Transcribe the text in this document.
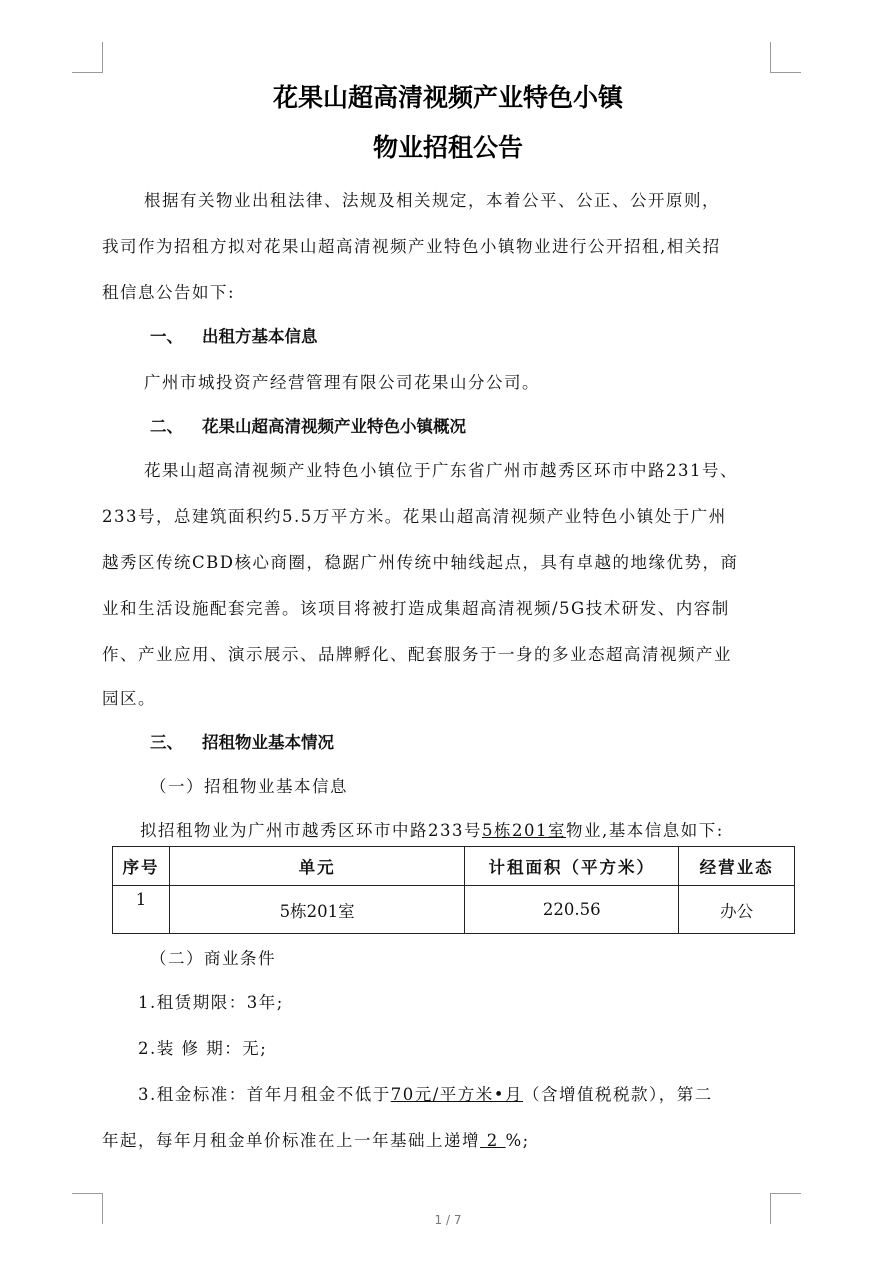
花果山超高清视频产业特色小镇
物业招租公告
根据有关物业出租法律、法规及相关规定，本着公平、公正、公开原则，
我司作为招租方拟对花果山超高清视频产业特色小镇物业进行公开招租,相关招
租信息公告如下:
一、 出租方基本信息
广州市城投资产经营管理有限公司花果山分公司。
二、 花果山超高清视频产业特色小镇概况
花果山超高清视频产业特色小镇位于广东省广州市越秀区环市中路231号、
233号，总建筑面积约5.5万平方米。花果山超高清视频产业特色小镇处于广州
越秀区传统CBD核心商圈，稳踞广州传统中轴线起点，具有卓越的地缘优势，商
业和生活设施配套完善。该项目将被打造成集超高清视频/5G技术研发、内容制
作、产业应用、演示展示、品牌孵化、配套服务于一身的多业态超高清视频产业
园区。
三、 招租物业基本情况
（一）招租物业基本信息
拟招租物业为广州市越秀区环市中路233号5栋201室物业,基本信息如下:
序号	单元	计租面积（平方米）	经营业态
1	5栋201室	220.56	办公
（二）商业条件
1.租赁期限：3年;
2.装 修 期：无;
3.租金标准：首年月租金不低于70元/平方米•月（含增值税税款），第二
年起，每年月租金单价标准在上一年基础上递增 2 %;
1 / 7
